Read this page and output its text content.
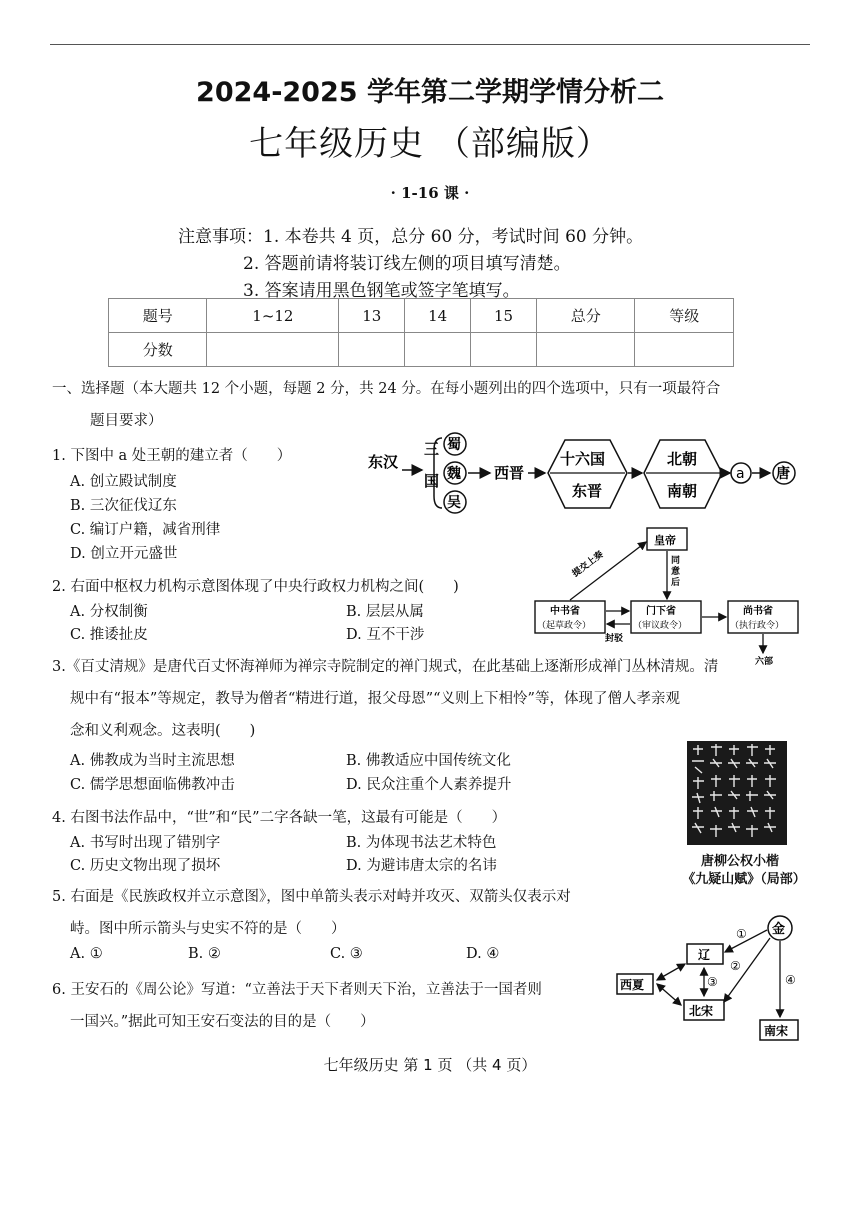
2024-2025 学年第二学期学情分析二
七年级历史 （部编版）
· 1-16 课 ·
注意事项：1. 本卷共 4 页，总分 60 分，考试时间 60 分钟。
2. 答题前请将装订线左侧的项目填写清楚。
3. 答案请用黑色钢笔或签字笔填写。
题号	1~12	13	14	15	总分	等级
分数						
一、选择题（本大题共 12 个小题，每题 2 分，共 24 分。在每小题列出的四个选项中，只有一项最符合
题目要求）
1. 下图中 a 处王朝的建立者（　　）
A. 创立殿试制度
B. 三次征伐辽东
C. 编订户籍，减省刑律
D. 创立开元盛世
东汉
三
国
蜀
魏
吴
西晋
十六国
东晋
北朝
南朝
a 唐
2. 右面中枢权力机构示意图体现了中央行政权力机构之间(　　)
A. 分权制衡	B. 层层从属
C. 推诿扯皮	D. 互不干涉
皇帝
中书省
（起草政令）
门下省
（审议政令）
尚书省
（执行政令）
提交上奏	同意后
封驳
六部
3.《百丈清规》是唐代百丈怀海禅师为禅宗寺院制定的禅门规式，在此基础上逐渐形成禅门丛林清规。清
规中有“报本”等规定，教导为僧者“精进行道，报父母恩”“义则上下相怜”等，体现了僧人孝亲观
念和义利观念。这表明(　　)
A. 佛教成为当时主流思想	B. 佛教适应中国传统文化
C. 儒学思想面临佛教冲击	D. 民众注重个人素养提升
唐柳公权小楷
《九疑山赋》（局部）
4. 右图书法作品中，“世”和“民”二字各缺一笔，这最有可能是（　　）
A. 书写时出现了错别字	B. 为体现书法艺术特色
C. 历史文物出现了损坏	D. 为避讳唐太宗的名讳
5. 右面是《民族政权并立示意图》，图中单箭头表示对峙并攻灭、双箭头仅表示对
峙。图中所示箭头与史实不符的是（　　）
A. ①	B. ②	C. ③	D. ④
金
辽
西夏
北宋
南宋
①
②
③	④
6. 王安石的《周公论》写道：“立善法于天下者则天下治，立善法于一国者则
一国兴。”据此可知王安石变法的目的是（　　）
七年级历史 第 1 页 （共 4 页）
